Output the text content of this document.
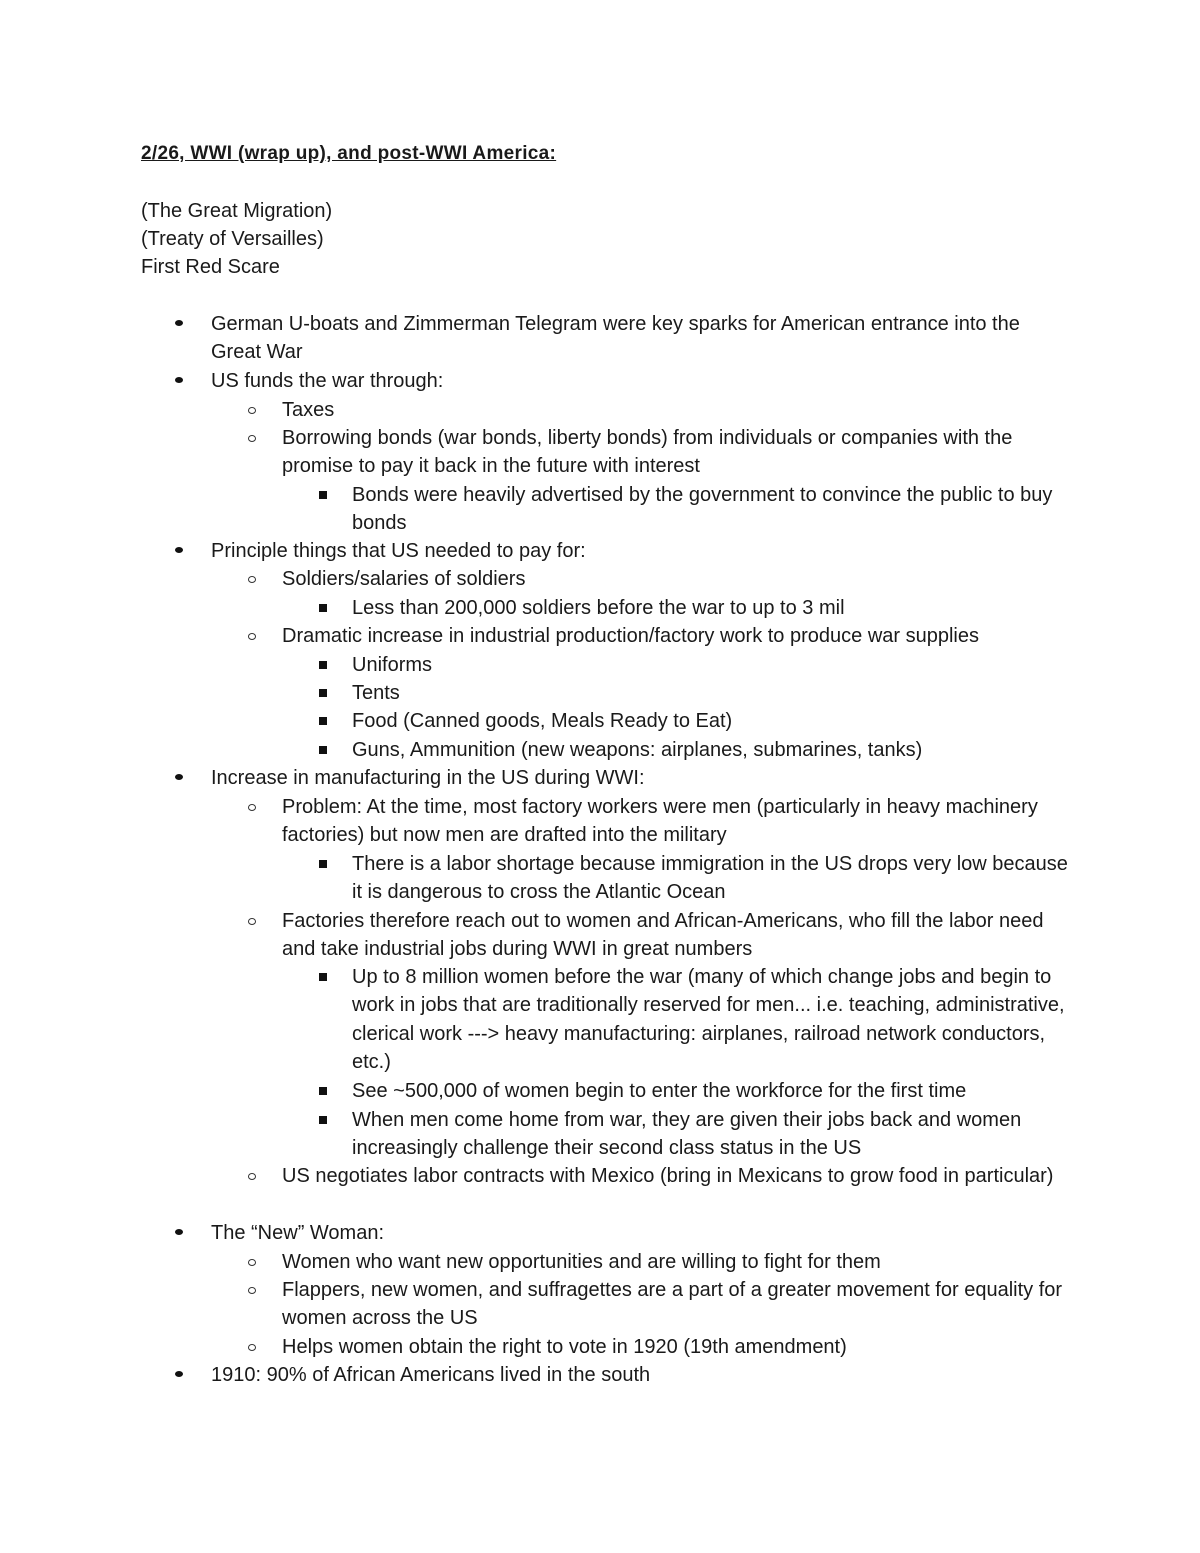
2/26, WWI (wrap up), and post-WWI America:
(The Great Migration)
(Treaty of Versailles)
First Red Scare
German U-boats and Zimmerman Telegram were key sparks for American entrance into the Great War
US funds the war through:
Taxes
Borrowing bonds (war bonds, liberty bonds) from individuals or companies with the promise to pay it back in the future with interest
Bonds were heavily advertised by the government to convince the public to buy bonds
Principle things that US needed to pay for:
Soldiers/salaries of soldiers
Less than 200,000 soldiers before the war to up to 3 mil
Dramatic increase in industrial production/factory work to produce war supplies
Uniforms
Tents
Food (Canned goods, Meals Ready to Eat)
Guns, Ammunition (new weapons: airplanes, submarines, tanks)
Increase in manufacturing in the US during WWI:
Problem: At the time, most factory workers were men (particularly in heavy machinery factories) but now men are drafted into the military
There is a labor shortage because immigration in the US drops very low because it is dangerous to cross the Atlantic Ocean
Factories therefore reach out to women and African-Americans, who fill the labor need and take industrial jobs during WWI in great numbers
Up to 8 million women before the war (many of which change jobs and begin to work in jobs that are traditionally reserved for men... i.e. teaching, administrative, clerical work ---> heavy manufacturing: airplanes, railroad network conductors, etc.)
See ~500,000 of women begin to enter the workforce for the first time
When men come home from war, they are given their jobs back and women increasingly challenge their second class status in the US
US negotiates labor contracts with Mexico (bring in Mexicans to grow food in particular)
The “New” Woman:
Women who want new opportunities and are willing to fight for them
Flappers, new women, and suffragettes are a part of a greater movement for equality for women across the US
Helps women obtain the right to vote in 1920 (19th amendment)
1910: 90% of African Americans lived in the south
